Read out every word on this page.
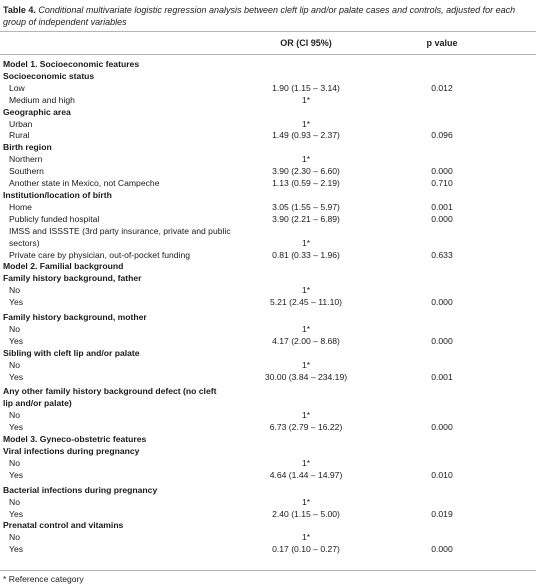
Table 4. Conditional multivariate logistic regression analysis between cleft lip and/or palate cases and controls, adjusted for each group of independent variables
OR (CI 95%)	p value
Model 1. Socioeconomic features
Socioeconomic status
Low	1.90 (1.15 – 3.14)	0.012
Medium and high	1*
Geographic area
Urban	1*
Rural	1.49 (0.93 – 2.37)	0.096
Birth region
Northern	1*
Southern	3.90 (2.30 – 6.60)	0.000
Another state in Mexico, not Campeche	1.13 (0.59 – 2.19)	0.710
Institution/location of birth
Home	3.05 (1.55 – 5.97)	0.001
Publicly funded hospital	3.90 (2.21 – 6.89)	0.000
IMSS and ISSSTE (3rd party insurance, private and public sectors)	1*
Private care by physician, out-of-pocket funding	0.81 (0.33 – 1.96)	0.633
Model 2. Familial background
Family history background, father
No	1*
Yes	5.21 (2.45 – 11.10)	0.000
Family history background, mother
No	1*
Yes	4.17 (2.00 – 8.68)	0.000
Sibling with cleft lip and/or palate
No	1*
Yes	30.00 (3.84 – 234.19)	0.001
Any other family history background defect (no cleft lip and/or palate)
No	1*
Yes	6.73 (2.79 – 16.22)	0.000
Model 3. Gyneco-obstetric features
Viral infections during pregnancy
No	1*
Yes	4.64 (1.44 – 14.97)	0.010
Bacterial infections during pregnancy
No	1*
Yes	2.40 (1.15 – 5.00)	0.019
Prenatal control and vitamins
No	1*
Yes	0.17 (0.10 – 0.27)	0.000
* Reference category
